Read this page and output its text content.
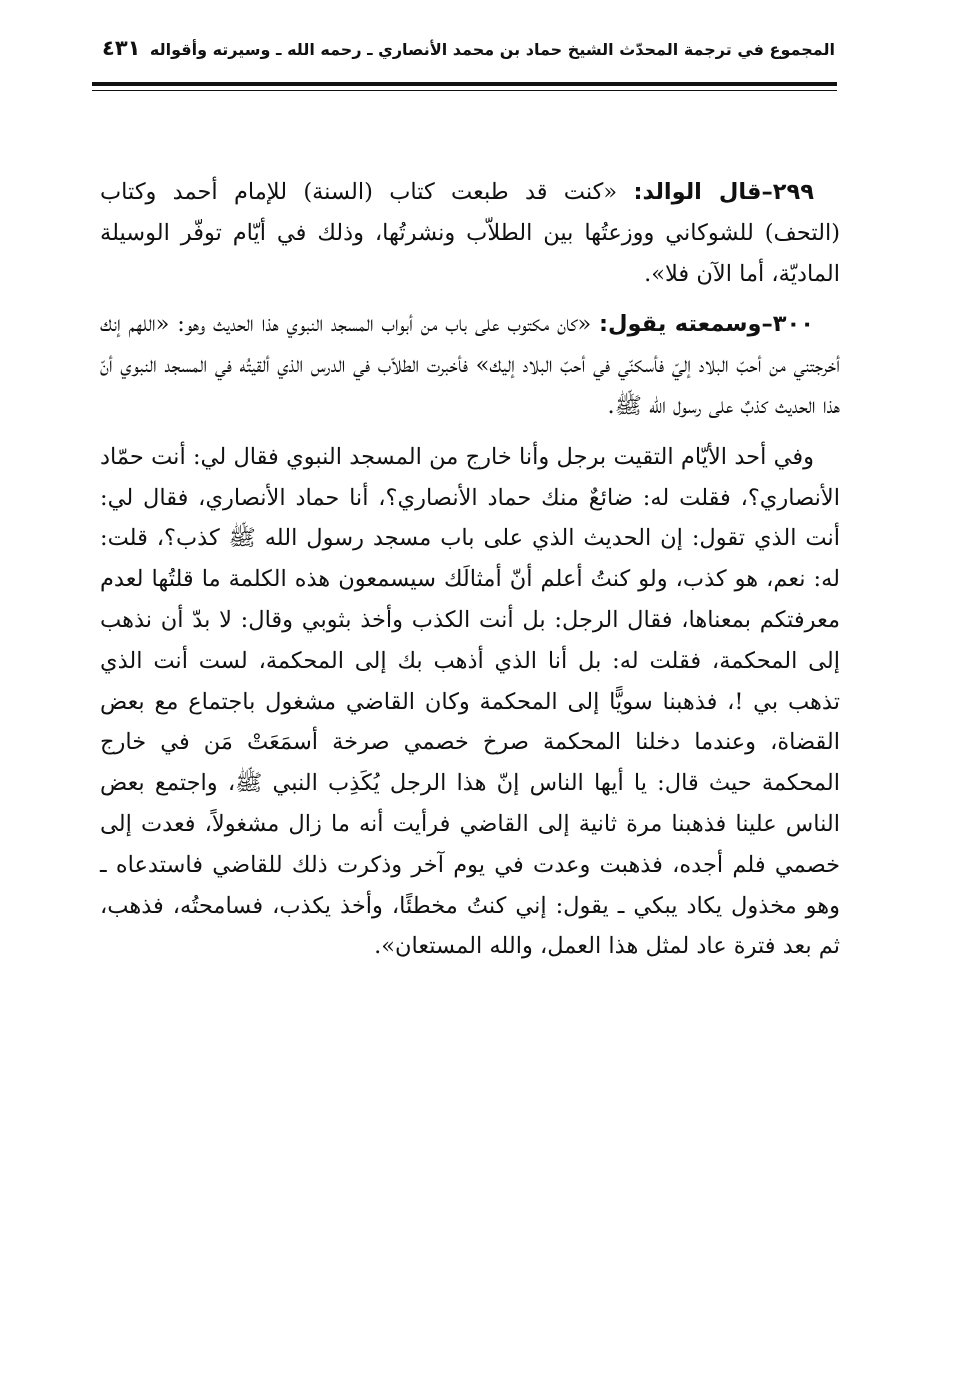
المجموع في ترجمة المحدّث الشيخ حماد بن محمد الأنصاري ـ رحمه الله ـ وسيرته وأقواله
٤٣١

٢٩٩–قال الوالد: «كنت قد طبعت كتاب (السنة) للإمام أحمد وكتاب (التحف) للشوكاني ووزعتُها بين الطلاّب ونشرتُها، وذلك في أيّام توفّر الوسيلة الماديّة، أما الآن فلا».

٣٠٠–وسمعته يقول: «كان مكتوب على باب من أبواب المسجد النبوي هذا الحديث وهو: «اللهم إنك أخرجتني من أحبّ البلاد إليّ فأسكنّي في أحبّ البلاد إليك» فأخبرت الطلاّب في الدرس الذي ألقيتُه في المسجد النبوي أنّ هذا الحديث كذبٌ على رسول الله ﷺ.

وفي أحد الأيّام التقيت برجل وأنا خارج من المسجد النبوي فقال لي: أنت حمّاد الأنصاري؟، فقلت له: ضائعٌ منك حماد الأنصاري؟، أنا حماد الأنصاري، فقال لي: أنت الذي تقول: إن الحديث الذي على باب مسجد رسول الله ﷺ كذب؟، قلت: له: نعم، هو كذب، ولو كنتُ أعلم أنّ أمثالَك سيسمعون هذه الكلمة ما قلتُها لعدم معرفتكم بمعناها، فقال الرجل: بل أنت الكذب وأخذ بثوبي وقال: لا بدّ أن نذهب إلى المحكمة، فقلت له: بل أنا الذي أذهب بك إلى المحكمة، لست أنت الذي تذهب بي !، فذهبنا سويًّا إلى المحكمة وكان القاضي مشغول باجتماع مع بعض القضاة، وعندما دخلنا المحكمة صرخ خصمي صرخة أسمَعَتْ مَن في خارج المحكمة حيث قال: يا أيها الناس إنّ هذا الرجل يُكَذِب النبي ﷺ، واجتمع بعض الناس علينا فذهبنا مرة ثانية إلى القاضي فرأيت أنه ما زال مشغولاً، فعدت إلى خصمي فلم أجده، فذهبت وعدت في يوم آخر وذكرت ذلك للقاضي فاستدعاه ـ وهو مخذول يكاد يبكي ـ يقول: إني كنتُ مخطئًا، وأخذ يكذب، فسامحتُه، فذهب، ثم بعد فترة عاد لمثل هذا العمل، والله المستعان».
